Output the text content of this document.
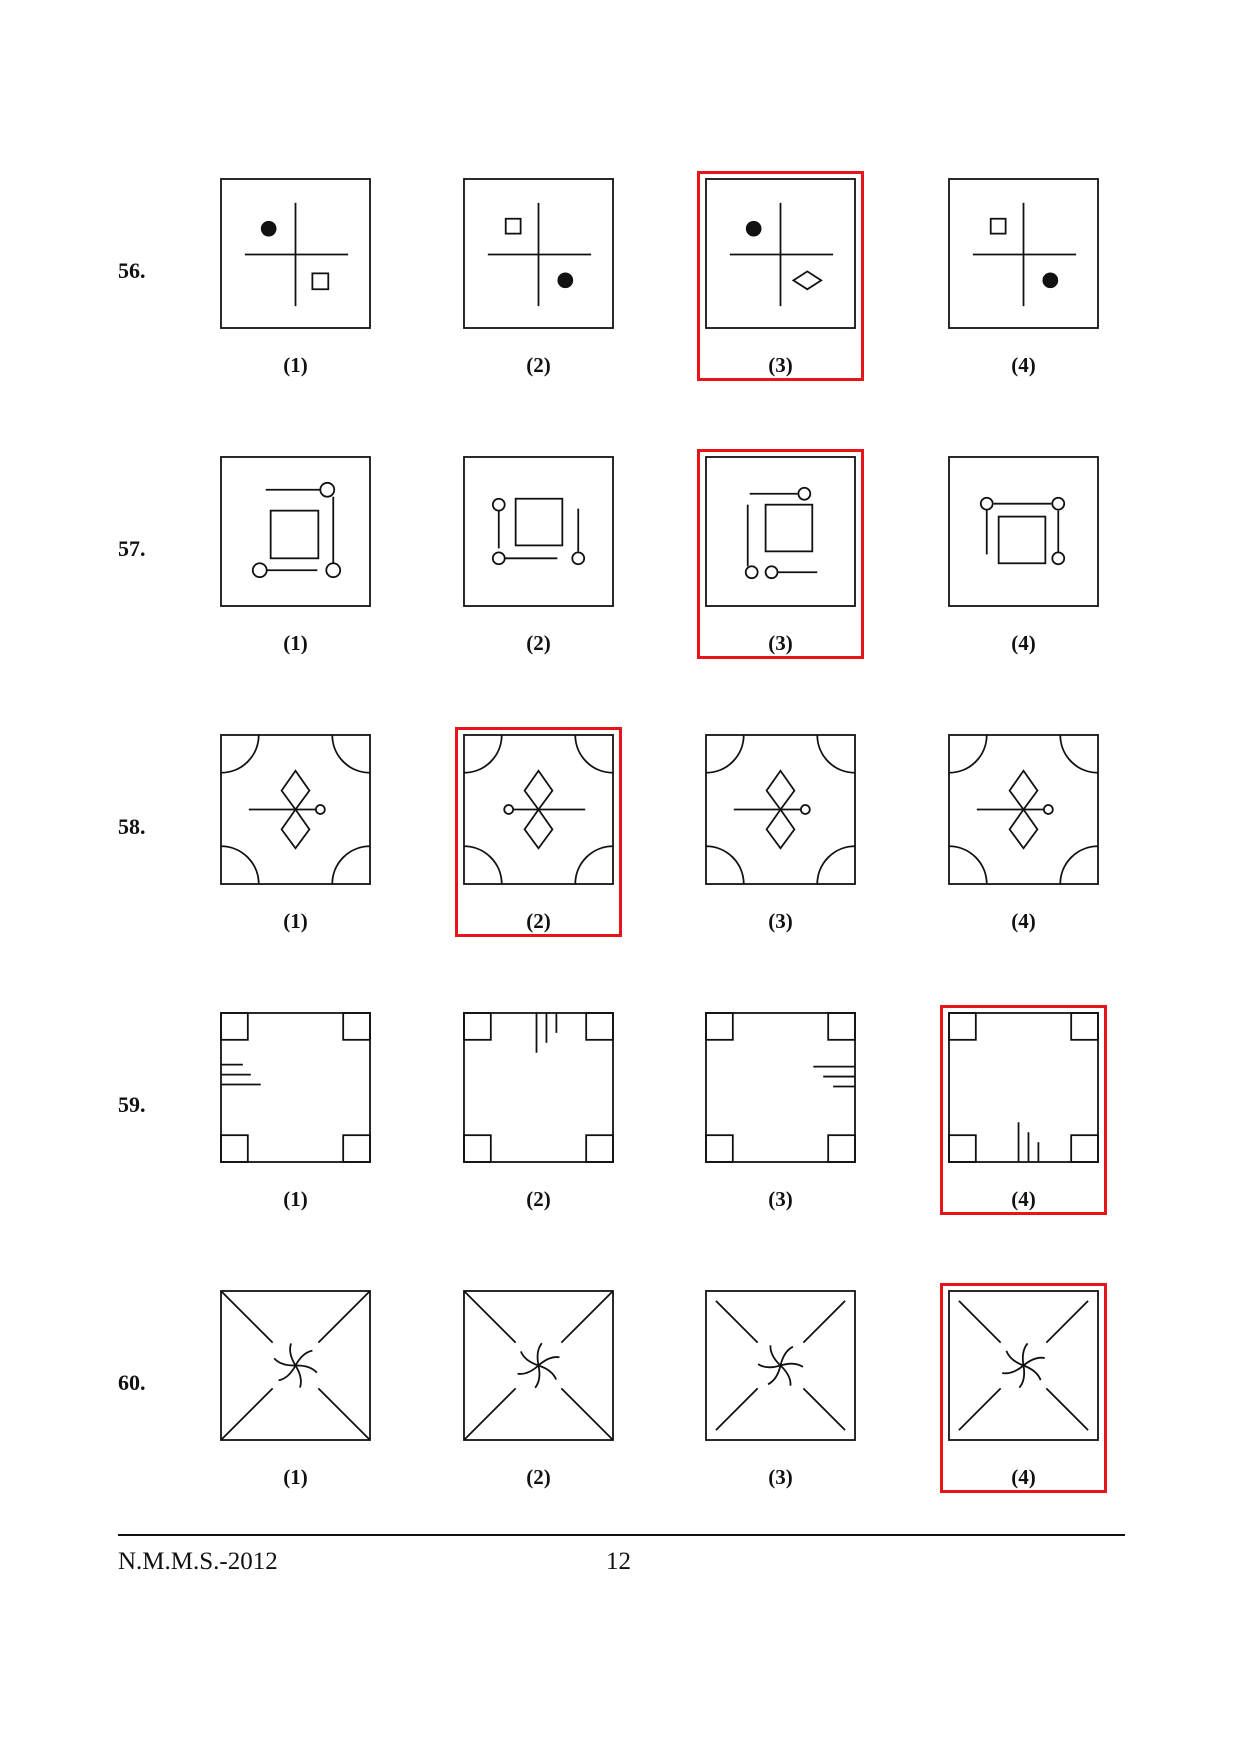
56.
(1)	(2)	(3)	(4)
57.
(1)	(2)	(3)	(4)
58.
(1)	(2)	(3)	(4)
59.
(1)	(2)	(3)	(4)
60.
(1)	(2)	(3)	(4)
N.M.M.S.-2012	12
